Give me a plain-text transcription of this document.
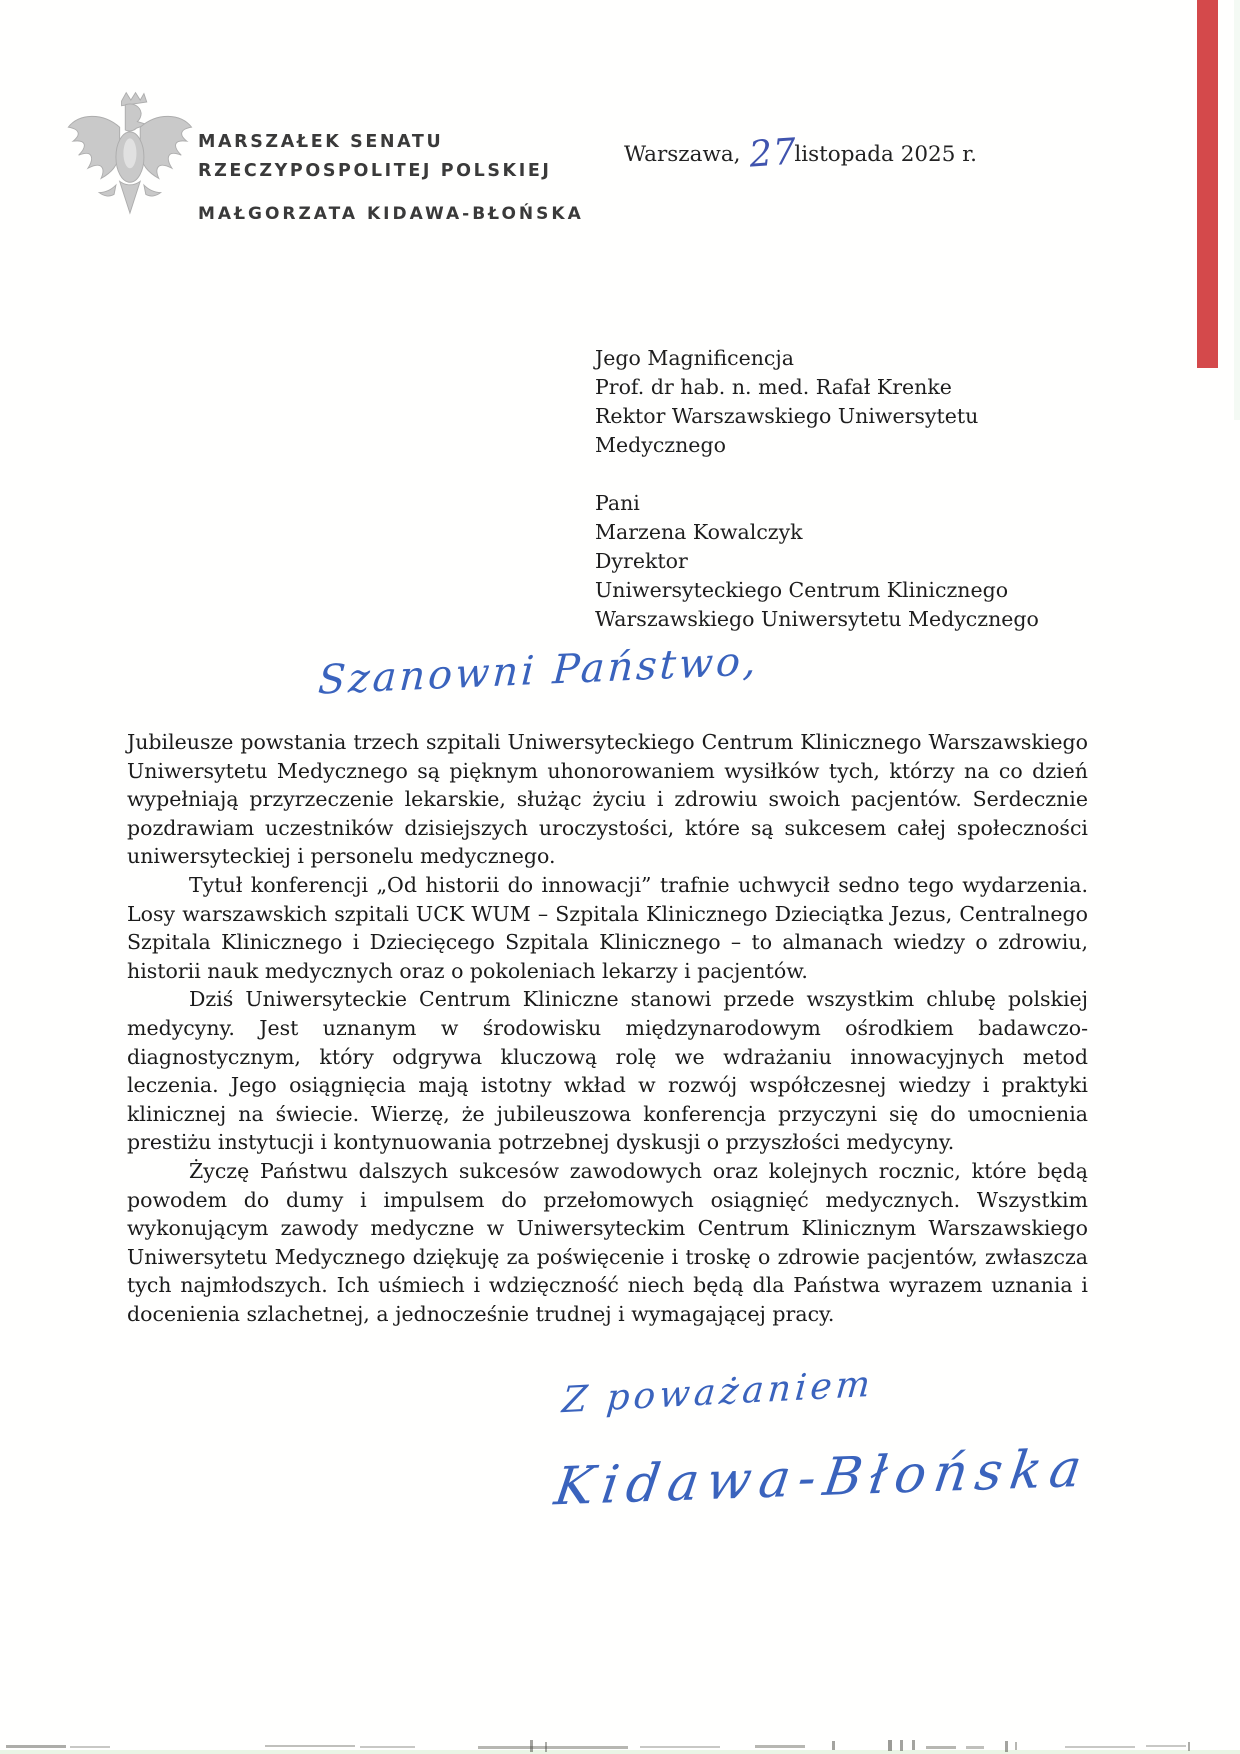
MARSZAŁEK SENATU
RZECZYPOSPOLITEJ POLSKIEJ
MAŁGORZATA KIDAWA-BŁOŃSKA
Warszawa, 27
listopada 2025 r.
Jego Magnificencja
Prof. dr hab. n. med. Rafał Krenke
Rektor Warszawskiego Uniwersytetu
Medycznego
Pani
Marzena Kowalczyk
Dyrektor
Uniwersyteckiego Centrum Klinicznego
Warszawskiego Uniwersytetu Medycznego
Szanowni Państwo,

Jubileusze powstania trzech szpitali Uniwersyteckiego Centrum Klinicznego Warszawskiego Uniwersytetu Medycznego są pięknym uhonorowaniem wysiłków tych, którzy na co dzień wypełniają przyrzeczenie lekarskie, służąc życiu i zdrowiu swoich pacjentów. Serdecznie pozdrawiam uczestników dzisiejszych uroczystości, które są sukcesem całej społeczności uniwersyteckiej i personelu medycznego.

Tytuł konferencji „Od historii do innowacji” trafnie uchwycił sedno tego wydarzenia. Losy warszawskich szpitali UCK WUM – Szpitala Klinicznego Dzieciątka Jezus, Centralnego Szpitala Klinicznego i Dziecięcego Szpitala Klinicznego – to almanach wiedzy o zdrowiu, historii nauk medycznych oraz o pokoleniach lekarzy i pacjentów.

Dziś Uniwersyteckie Centrum Kliniczne stanowi przede wszystkim chlubę polskiej medycyny. Jest uznanym w środowisku międzynarodowym ośrodkiem badawczo-diagnostycznym, który odgrywa kluczową rolę we wdrażaniu innowacyjnych metod leczenia. Jego osiągnięcia mają istotny wkład w rozwój współczesnej wiedzy i praktyki klinicznej na świecie. Wierzę, że jubileuszowa konferencja przyczyni się do umocnienia prestiżu instytucji i kontynuowania potrzebnej dyskusji o przyszłości medycyny.

Życzę Państwu dalszych sukcesów zawodowych oraz kolejnych rocznic, które będą powodem do dumy i impulsem do przełomowych osiągnięć medycznych. Wszystkim wykonującym zawody medyczne w Uniwersyteckim Centrum Klinicznym Warszawskiego Uniwersytetu Medycznego dziękuję za poświęcenie i troskę o zdrowie pacjentów, zwłaszcza tych najmłodszych. Ich uśmiech i wdzięczność niech będą dla Państwa wyrazem uznania i docenienia szlachetnej, a jednocześnie trudnej i wymagającej pracy.

Z poważaniem
Kidawa-Błońska
